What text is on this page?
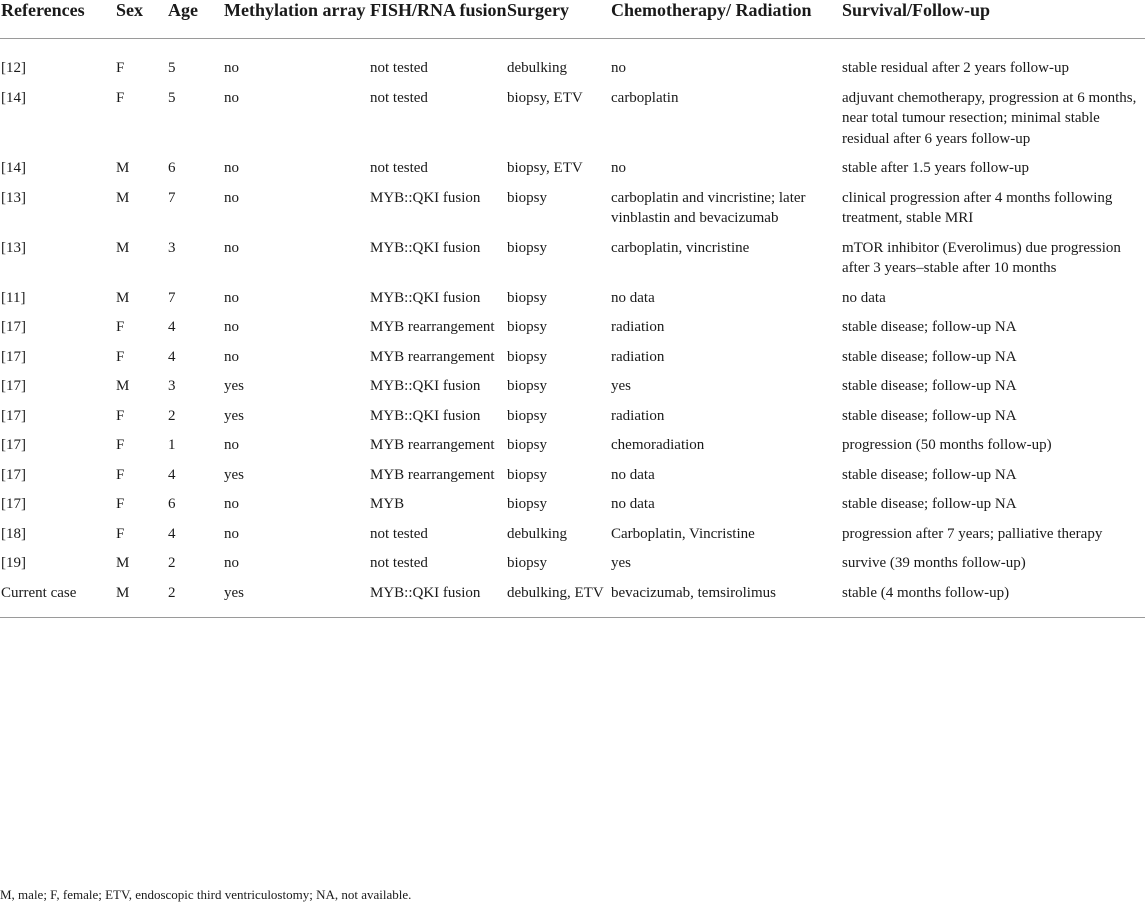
References	Sex	Age	Methylation array	FISH/RNA fusion	Surgery	Chemotherapy/ Radiation	Survival/Follow-up
[12]	F	5	no	not tested	debulking	no	stable residual after 2 years follow-up
[14]	F	5	no	not tested	biopsy, ETV	carboplatin	adjuvant chemotherapy, progression at 6 months, near total tumour resection; minimal stable residual after 6 years follow-up
[14]	M	6	no	not tested	biopsy, ETV	no	stable after 1.5 years follow-up
[13]	M	7	no	MYB::QKI fusion	biopsy	carboplatin and vincristine; later vinblastin and bevacizumab	clinical progression after 4 months following treatment, stable MRI
[13]	M	3	no	MYB::QKI fusion	biopsy	carboplatin, vincristine	mTOR inhibitor (Everolimus) due progression after 3 years–stable after 10 months
[11]	M	7	no	MYB::QKI fusion	biopsy	no data	no data
[17]	F	4	no	MYB rearrangement	biopsy	radiation	stable disease; follow-up NA
[17]	F	4	no	MYB rearrangement	biopsy	radiation	stable disease; follow-up NA
[17]	M	3	yes	MYB::QKI fusion	biopsy	yes	stable disease; follow-up NA
[17]	F	2	yes	MYB::QKI fusion	biopsy	radiation	stable disease; follow-up NA
[17]	F	1	no	MYB rearrangement	biopsy	chemoradiation	progression (50 months follow-up)
[17]	F	4	yes	MYB rearrangement	biopsy	no data	stable disease; follow-up NA
[17]	F	6	no	MYB	biopsy	no data	stable disease; follow-up NA
[18]	F	4	no	not tested	debulking	Carboplatin, Vincristine	progression after 7 years; palliative therapy
[19]	M	2	no	not tested	biopsy	yes	survive (39 months follow-up)
Current case	M	2	yes	MYB::QKI fusion	debulking, ETV	bevacizumab, temsirolimus	stable (4 months follow-up)
M, male; F, female; ETV, endoscopic third ventriculostomy; NA, not available.
